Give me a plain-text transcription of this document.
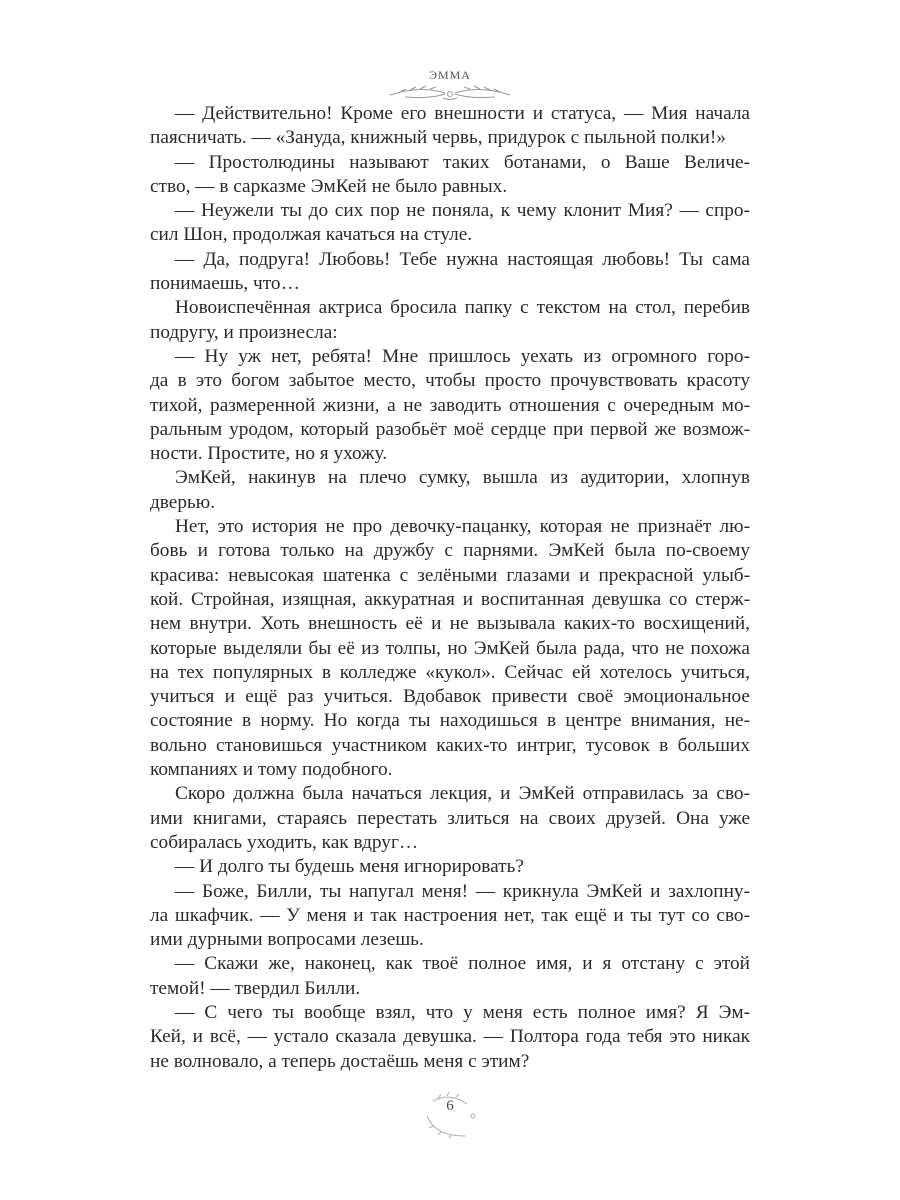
ЭММА
— Действительно! Кроме его внешности и статуса, — Мия начала
паясничать. — «Зануда, книжный червь, придурок с пыльной полки!»
— Простолюдины называют таких ботанами, о Ваше Величе-
ство, — в сарказме ЭмКей не было равных.
— Неужели ты до сих пор не поняла, к чему клонит Мия? — спро-
сил Шон, продолжая качаться на стуле.
— Да, подруга! Любовь! Тебе нужна настоящая любовь! Ты сама
понимаешь, что…
Новоиспечённая актриса бросила папку с текстом на стол, перебив
подругу, и произнесла:
— Ну уж нет, ребята! Мне пришлось уехать из огромного горо-
да в это богом забытое место, чтобы просто прочувствовать красоту
тихой, размеренной жизни, а не заводить отношения с очередным мо-
ральным уродом, который разобьёт моё сердце при первой же возмож-
ности. Простите, но я ухожу.
ЭмКей, накинув на плечо сумку, вышла из аудитории, хлопнув
дверью.
Нет, это история не про девочку-пацанку, которая не признаёт лю-
бовь и готова только на дружбу с парнями. ЭмКей была по-своему
красива: невысокая шатенка с зелёными глазами и прекрасной улыб-
кой. Стройная, изящная, аккуратная и воспитанная девушка со стерж-
нем внутри. Хоть внешность её и не вызывала каких-то восхищений,
которые выделяли бы её из толпы, но ЭмКей была рада, что не похожа
на тех популярных в колледже «кукол». Сейчас ей хотелось учиться,
учиться и ещё раз учиться. Вдобавок привести своё эмоциональное
состояние в норму. Но когда ты находишься в центре внимания, не-
вольно становишься участником каких-то интриг, тусовок в больших
компаниях и тому подобного.
Скоро должна была начаться лекция, и ЭмКей отправилась за сво-
ими книгами, стараясь перестать злиться на своих друзей. Она уже
собиралась уходить, как вдруг…
— И долго ты будешь меня игнорировать?
— Боже, Билли, ты напугал меня! — крикнула ЭмКей и захлопну-
ла шкафчик. — У меня и так настроения нет, так ещё и ты тут со сво-
ими дурными вопросами лезешь.
— Скажи же, наконец, как твоё полное имя, и я отстану с этой
темой! — твердил Билли.
— С чего ты вообще взял, что у меня есть полное имя? Я Эм-
Кей, и всё, — устало сказала девушка. — Полтора года тебя это никак
не волновало, а теперь достаёшь меня с этим?
6
